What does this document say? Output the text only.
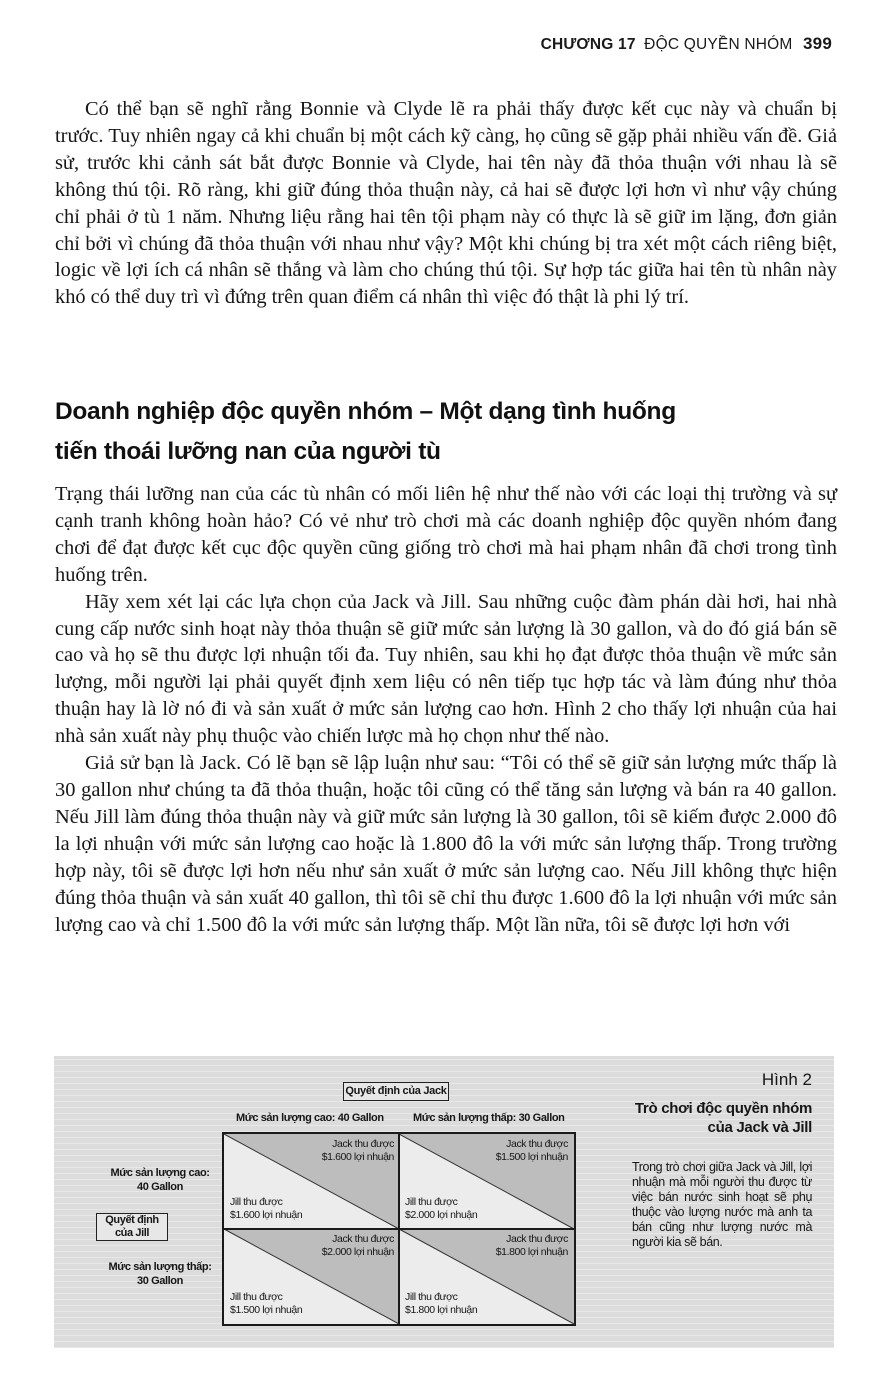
CHƯƠNG 17 ĐỘC QUYỀN NHÓM 399

Có thể bạn sẽ nghĩ rằng Bonnie và Clyde lẽ ra phải thấy được kết cục này và chuẩn bị trước. Tuy nhiên ngay cả khi chuẩn bị một cách kỹ càng, họ cũng sẽ gặp phải nhiều vấn đề. Giả sử, trước khi cảnh sát bắt được Bonnie và Clyde, hai tên này đã thỏa thuận với nhau là sẽ không thú tội. Rõ ràng, khi giữ đúng thỏa thuận này, cả hai sẽ được lợi hơn vì như vậy chúng chỉ phải ở tù 1 năm. Nhưng liệu rằng hai tên tội phạm này có thực là sẽ giữ im lặng, đơn giản chỉ bởi vì chúng đã thỏa thuận với nhau như vậy? Một khi chúng bị tra xét một cách riêng biệt, logic về lợi ích cá nhân sẽ thắng và làm cho chúng thú tội. Sự hợp tác giữa hai tên tù nhân này khó có thể duy trì vì đứng trên quan điểm cá nhân thì việc đó thật là phi lý trí.

Doanh nghiệp độc quyền nhóm – Một dạng tình huống
tiến thoái lưỡng nan của người tù

Trạng thái lưỡng nan của các tù nhân có mối liên hệ như thế nào với các loại thị trường và sự cạnh tranh không hoàn hảo? Có vẻ như trò chơi mà các doanh nghiệp độc quyền nhóm đang chơi để đạt được kết cục độc quyền cũng giống trò chơi mà hai phạm nhân đã chơi trong tình huống trên.

Hãy xem xét lại các lựa chọn của Jack và Jill. Sau những cuộc đàm phán dài hơi, hai nhà cung cấp nước sinh hoạt này thỏa thuận sẽ giữ mức sản lượng là 30 gallon, và do đó giá bán sẽ cao và họ sẽ thu được lợi nhuận tối đa. Tuy nhiên, sau khi họ đạt được thỏa thuận về mức sản lượng, mỗi người lại phải quyết định xem liệu có nên tiếp tục hợp tác và làm đúng như thỏa thuận hay là lờ nó đi và sản xuất ở mức sản lượng cao hơn. Hình 2 cho thấy lợi nhuận của hai nhà sản xuất này phụ thuộc vào chiến lược mà họ chọn như thế nào.

Giả sử bạn là Jack. Có lẽ bạn sẽ lập luận như sau: “Tôi có thể sẽ giữ sản lượng mức thấp là 30 gallon như chúng ta đã thỏa thuận, hoặc tôi cũng có thể tăng sản lượng và bán ra 40 gallon. Nếu Jill làm đúng thỏa thuận này và giữ mức sản lượng là 30 gallon, tôi sẽ kiếm được 2.000 đô la lợi nhuận với mức sản lượng cao hoặc là 1.800 đô la với mức sản lượng thấp. Trong trường hợp này, tôi sẽ được lợi hơn nếu như sản xuất ở mức sản lượng cao. Nếu Jill không thực hiện đúng thỏa thuận và sản xuất 40 gallon, thì tôi sẽ chỉ thu được 1.600 đô la lợi nhuận với mức sản lượng cao và chỉ 1.500 đô la với mức sản lượng thấp. Một lần nữa, tôi sẽ được lợi hơn với

Quyết định của Jack
Mức sản lượng cao: 40 Gallon	Mức sản lượng thấp: 30 Gallon
Mức sản lượng cao:
40 Gallon
Quyết định
của Jill
Mức sản lượng thấp:
30 Gallon
Jack thu được
$1.600 lợi nhuận
Jill thu được
$1.600 lợi nhuận
Jack thu được
$1.500 lợi nhuận
Jill thu được
$2.000 lợi nhuận
Jack thu được
$2.000 lợi nhuận
Jill thu được
$1.500 lợi nhuận
Jack thu được
$1.800 lợi nhuận
Jill thu được
$1.800 lợi nhuận
Hình 2
Trò chơi độc quyền nhóm
của Jack và Jill
Trong trò chơi giữa Jack và Jill, lợi nhuận mà mỗi người thu được từ việc bán nước sinh hoạt sẽ phụ thuộc vào lượng nước mà anh ta bán cũng như lượng nước mà người kia sẽ bán.
